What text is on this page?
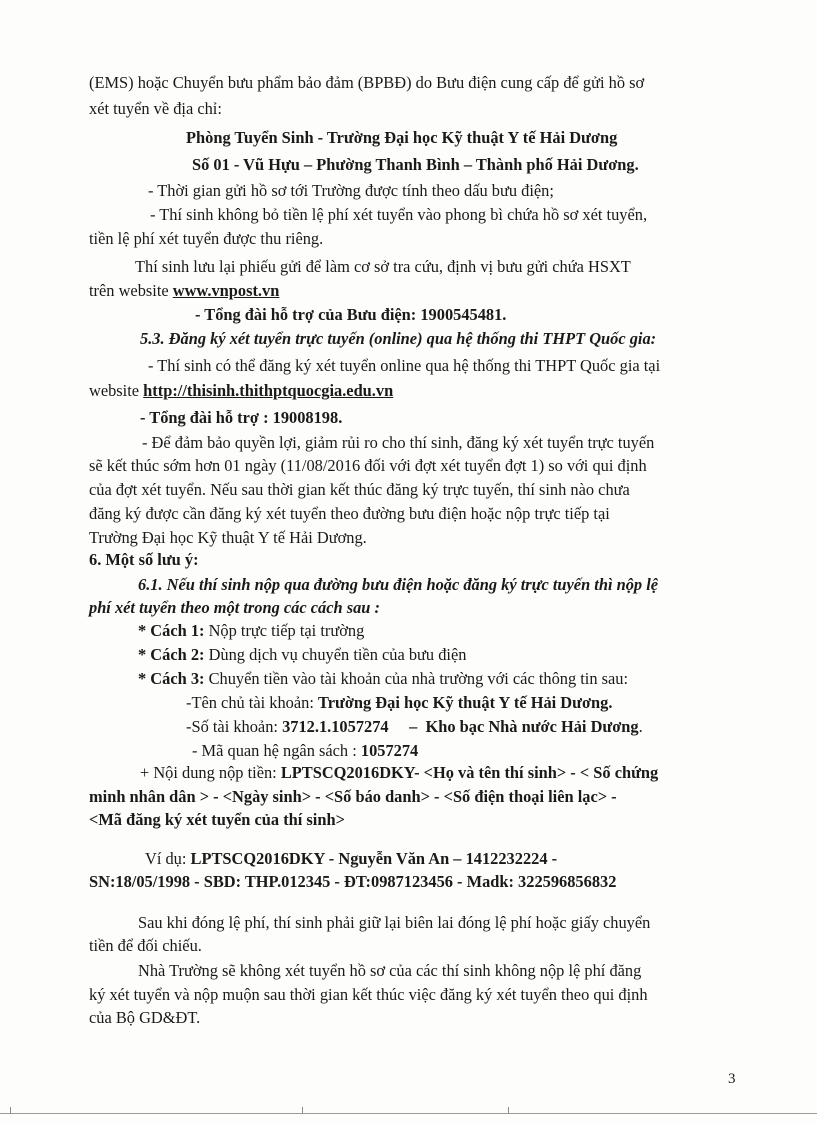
(EMS) hoặc Chuyển bưu phẩm bảo đảm (BPBĐ) do Bưu điện cung cấp để gửi hồ sơ
xét tuyển về địa chỉ:
Phòng Tuyển Sinh - Trường Đại học Kỹ thuật Y tế Hải Dương
Số 01 - Vũ Hựu – Phường Thanh Bình – Thành phố Hải Dương.
- Thời gian gửi hồ sơ tới Trường được tính theo dấu bưu điện;
- Thí sinh không bỏ tiền lệ phí xét tuyển vào phong bì chứa hồ sơ xét tuyển,
tiền lệ phí xét tuyển được thu riêng.
Thí sinh lưu lại phiếu gửi để làm cơ sở tra cứu, định vị bưu gửi chứa HSXT
trên website www.vnpost.vn
- Tổng đài hỗ trợ của Bưu điện: 1900545481.
5.3. Đăng ký xét tuyển trực tuyến (online) qua hệ thống thi THPT Quốc gia:
- Thí sinh có thể đăng ký xét tuyển online qua hệ thống thi THPT Quốc gia tại
website http://thisinh.thithptquocgia.edu.vn
- Tổng đài hỗ trợ : 19008198.
- Để đảm bảo quyền lợi, giảm rủi ro cho thí sinh, đăng ký xét tuyển trực tuyến
sẽ kết thúc sớm hơn 01 ngày (11/08/2016 đối với đợt xét tuyển đợt 1) so với qui định
của đợt xét tuyển. Nếu sau thời gian kết thúc đăng ký trực tuyến, thí sinh nào chưa
đăng ký được cần đăng ký xét tuyển theo đường bưu điện hoặc nộp trực tiếp tại
Trường Đại học Kỹ thuật Y tế Hải Dương.
6. Một số lưu ý:
6.1. Nếu thí sinh nộp qua đường bưu điện hoặc đăng ký trực tuyến thì nộp lệ
phí xét tuyển theo một trong các cách sau :
* Cách 1: Nộp trực tiếp tại trường
* Cách 2: Dùng dịch vụ chuyển tiền của bưu điện
* Cách 3: Chuyển tiền vào tài khoản của nhà trường với các thông tin sau:
-Tên chủ tài khoản: Trường Đại học Kỹ thuật Y tế Hải Dương.
-Số tài khoản: 3712.1.1057274     –  Kho bạc Nhà nước Hải Dương.
- Mã quan hệ ngân sách : 1057274
+ Nội dung nộp tiền: LPTSCQ2016DKY- <Họ và tên thí sinh> - < Số chứng
minh nhân dân > - <Ngày sinh> - <Số báo danh> - <Số điện thoại liên lạc> -
<Mã đăng ký xét tuyển của thí sinh>
Ví dụ: LPTSCQ2016DKY - Nguyễn Văn An – 1412232224 -
SN:18/05/1998 - SBD: THP.012345 - ĐT:0987123456 - Madk: 322596856832
Sau khi đóng lệ phí, thí sinh phải giữ lại biên lai đóng lệ phí hoặc giấy chuyển
tiền để đối chiếu.
Nhà Trường sẽ không xét tuyển hồ sơ của các thí sinh không nộp lệ phí đăng
ký xét tuyển và nộp muộn sau thời gian kết thúc việc đăng ký xét tuyển theo qui định
của Bộ GD&ĐT.
3
